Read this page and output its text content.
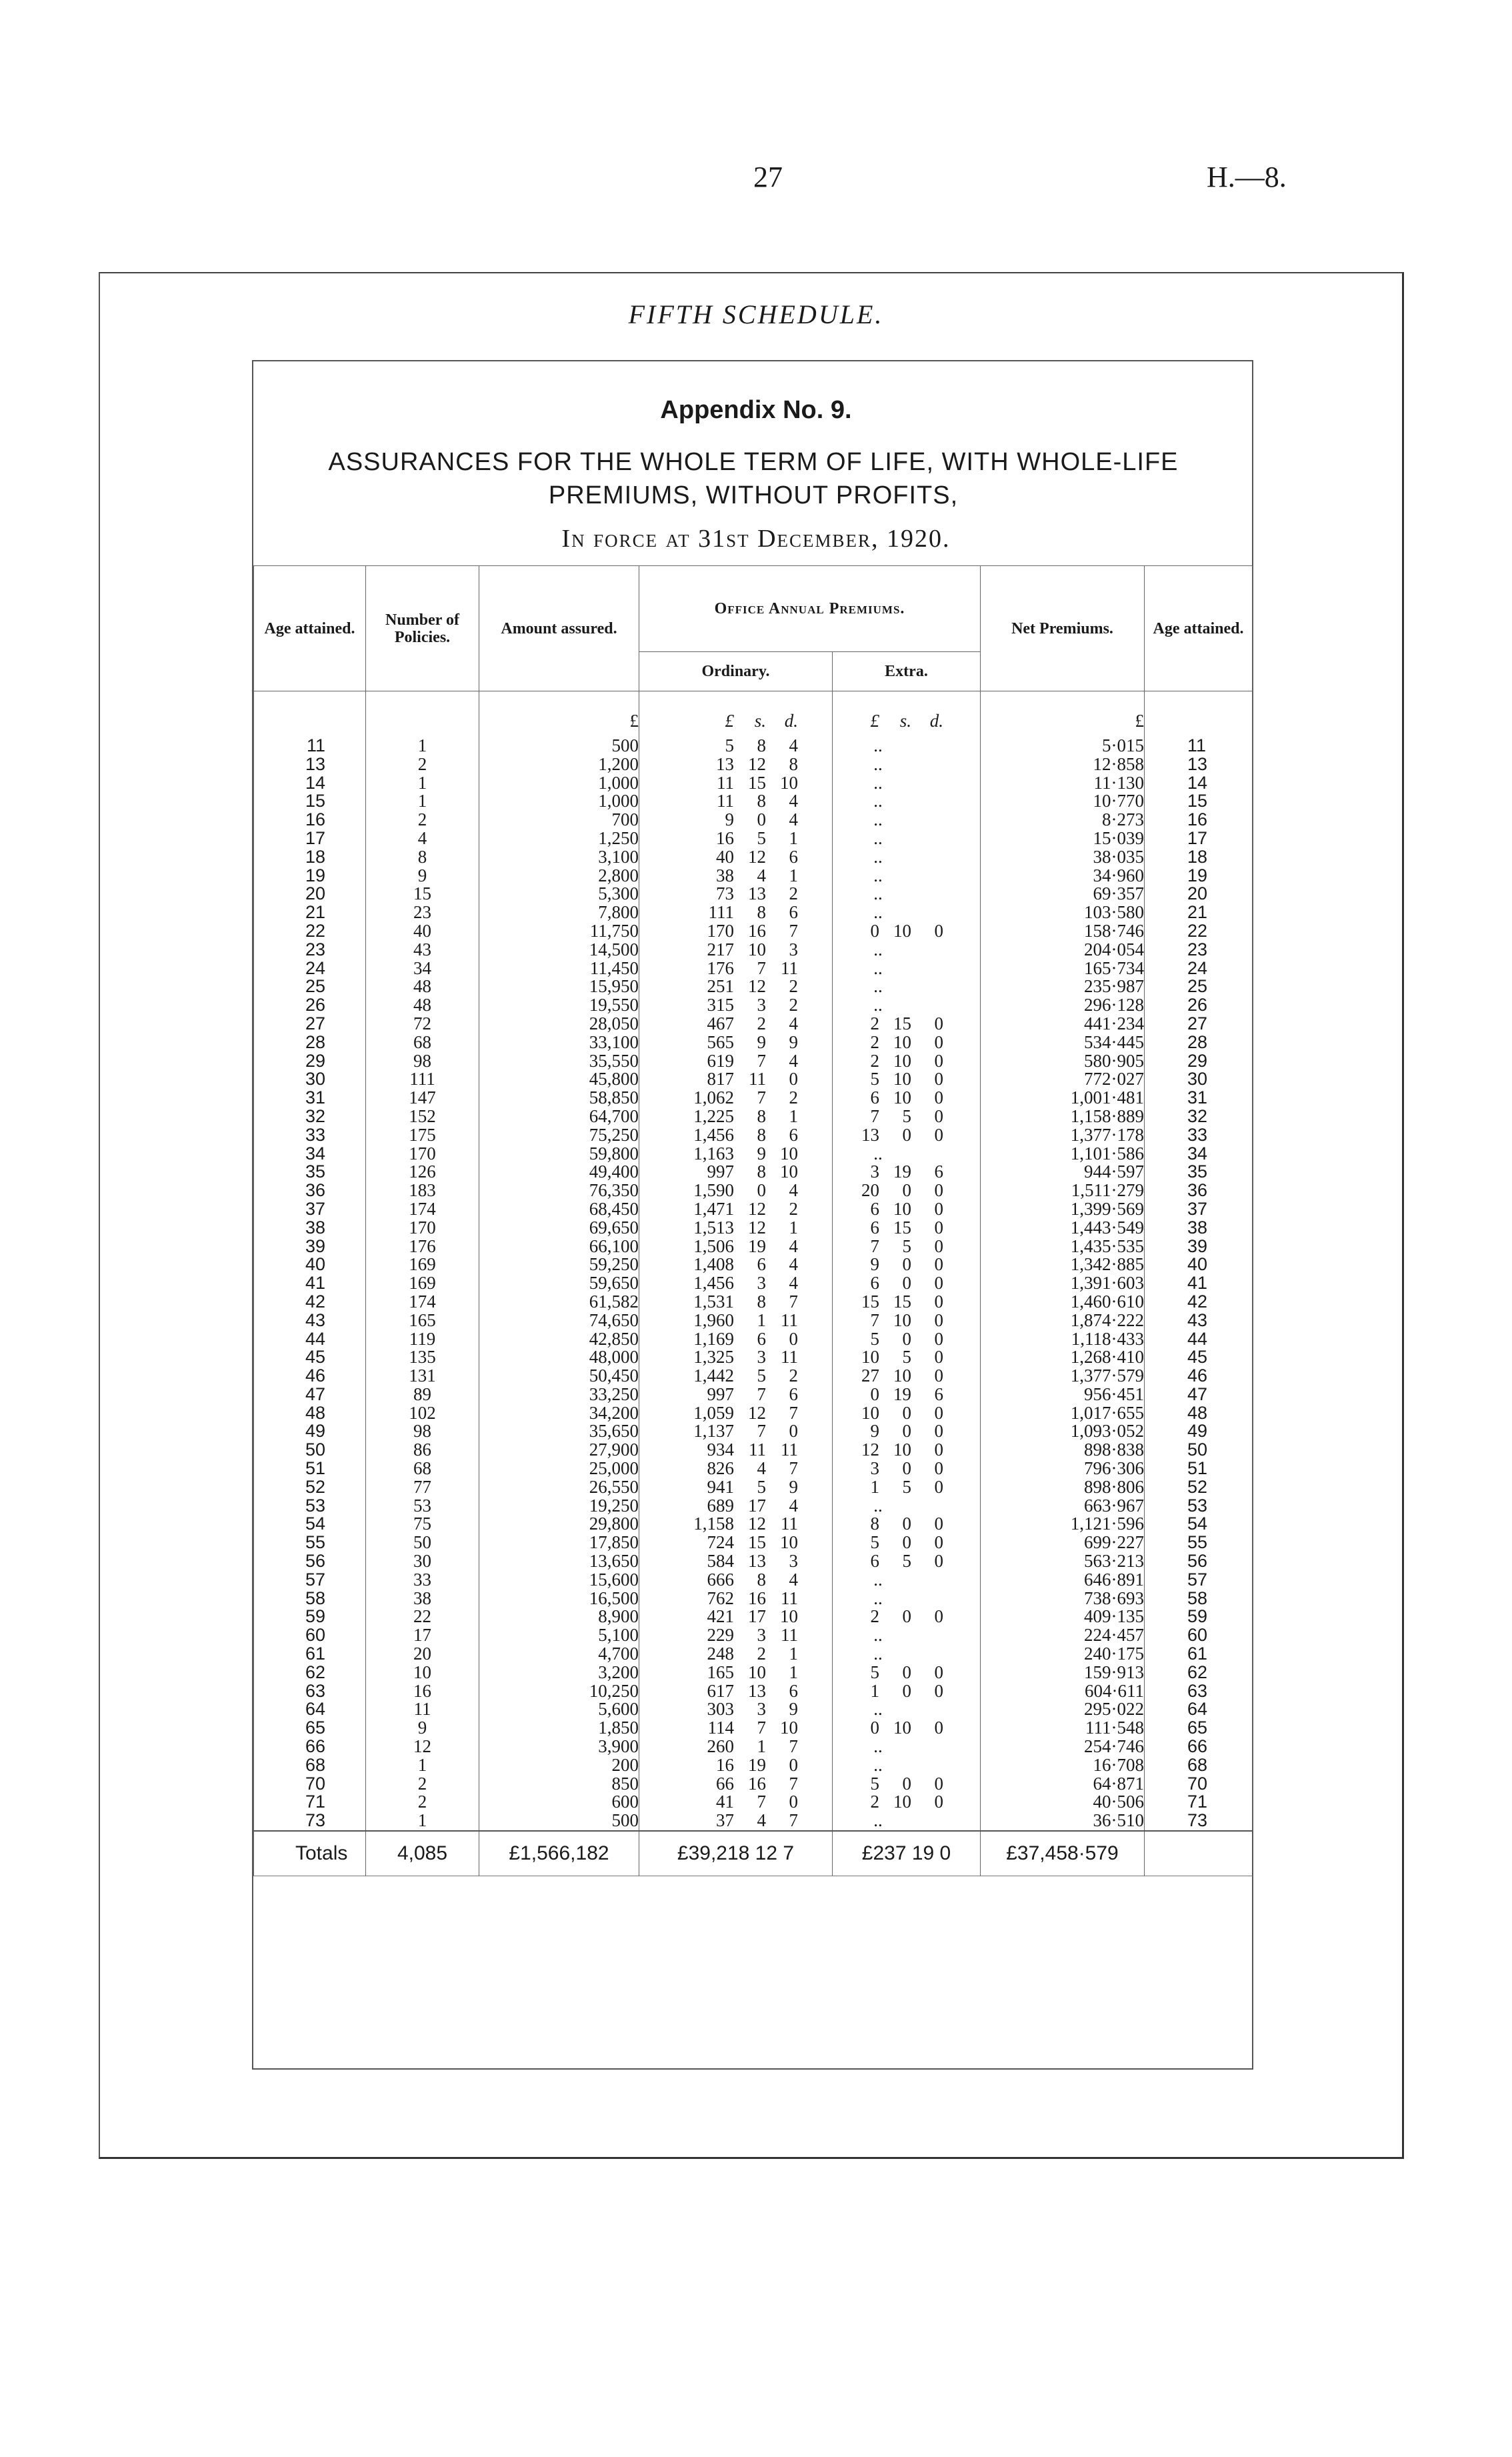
27	H.—8.
FIFTH SCHEDULE.
Appendix No. 9.
ASSURANCES FOR THE WHOLE TERM OF LIFE, WITH WHOLE-LIFE
PREMIUMS, WITHOUT PROFITS,
In force at 31st December, 1920.
Age attained.	Number of Policies.	Amount assured.	Office Annual Premiums.		Net Premiums.	Age attained.
			Ordinary.	Extra.		
		£	£ s. d.	£ s. d.	£	
11	1	500	5 8 4	..	5·015	11
13	2	1,200	13 12 8	..	12·858	13
14	1	1,000	11 15 10	..	11·130	14
15	1	1,000	11 8 4	..	10·770	15
16	2	700	9 0 4	..	8·273	16
17	4	1,250	16 5 1	..	15·039	17
18	8	3,100	40 12 6	..	38·035	18
19	9	2,800	38 4 1	..	34·960	19
20	15	5,300	73 13 2	..	69·357	20
21	23	7,800	111 8 6	..	103·580	21
22	40	11,750	170 16 7	0 10 0	158·746	22
23	43	14,500	217 10 3	..	204·054	23
24	34	11,450	176 7 11	..	165·734	24
25	48	15,950	251 12 2	..	235·987	25
26	48	19,550	315 3 2	..	296·128	26
27	72	28,050	467 2 4	2 15 0	441·234	27
28	68	33,100	565 9 9	2 10 0	534·445	28
29	98	35,550	619 7 4	2 10 0	580·905	29
30	111	45,800	817 11 0	5 10 0	772·027	30
31	147	58,850	1,062 7 2	6 10 0	1,001·481	31
32	152	64,700	1,225 8 1	7 5 0	1,158·889	32
33	175	75,250	1,456 8 6	13 0 0	1,377·178	33
34	170	59,800	1,163 9 10	..	1,101·586	34
35	126	49,400	997 8 10	3 19 6	944·597	35
36	183	76,350	1,590 0 4	20 0 0	1,511·279	36
37	174	68,450	1,471 12 2	6 10 0	1,399·569	37
38	170	69,650	1,513 12 1	6 15 0	1,443·549	38
39	176	66,100	1,506 19 4	7 5 0	1,435·535	39
40	169	59,250	1,408 6 4	9 0 0	1,342·885	40
41	169	59,650	1,456 3 4	6 0 0	1,391·603	41
42	174	61,582	1,531 8 7	15 15 0	1,460·610	42
43	165	74,650	1,960 1 11	7 10 0	1,874·222	43
44	119	42,850	1,169 6 0	5 0 0	1,118·433	44
45	135	48,000	1,325 3 11	10 5 0	1,268·410	45
46	131	50,450	1,442 5 2	27 10 0	1,377·579	46
47	89	33,250	997 7 6	0 19 6	956·451	47
48	102	34,200	1,059 12 7	10 0 0	1,017·655	48
49	98	35,650	1,137 7 0	9 0 0	1,093·052	49
50	86	27,900	934 11 11	12 10 0	898·838	50
51	68	25,000	826 4 7	3 0 0	796·306	51
52	77	26,550	941 5 9	1 5 0	898·806	52
53	53	19,250	689 17 4	..	663·967	53
54	75	29,800	1,158 12 11	8 0 0	1,121·596	54
55	50	17,850	724 15 10	5 0 0	699·227	55
56	30	13,650	584 13 3	6 5 0	563·213	56
57	33	15,600	666 8 4	..	646·891	57
58	38	16,500	762 16 11	..	738·693	58
59	22	8,900	421 17 10	2 0 0	409·135	59
60	17	5,100	229 3 11	..	224·457	60
61	20	4,700	248 2 1	..	240·175	61
62	10	3,200	165 10 1	5 0 0	159·913	62
63	16	10,250	617 13 6	1 0 0	604·611	63
64	11	5,600	303 3 9	..	295·022	64
65	9	1,850	114 7 10	0 10 0	111·548	65
66	12	3,900	260 1 7	..	254·746	66
68	1	200	16 19 0	..	16·708	68
70	2	850	66 16 7	5 0 0	64·871	70
71	2	600	41 7 0	2 10 0	40·506	71
73	1	500	37 4 7	..	36·510	73
Totals	4,085	£1,566,182	£39,218 12 7	£237 19 0	£37,458·579	
